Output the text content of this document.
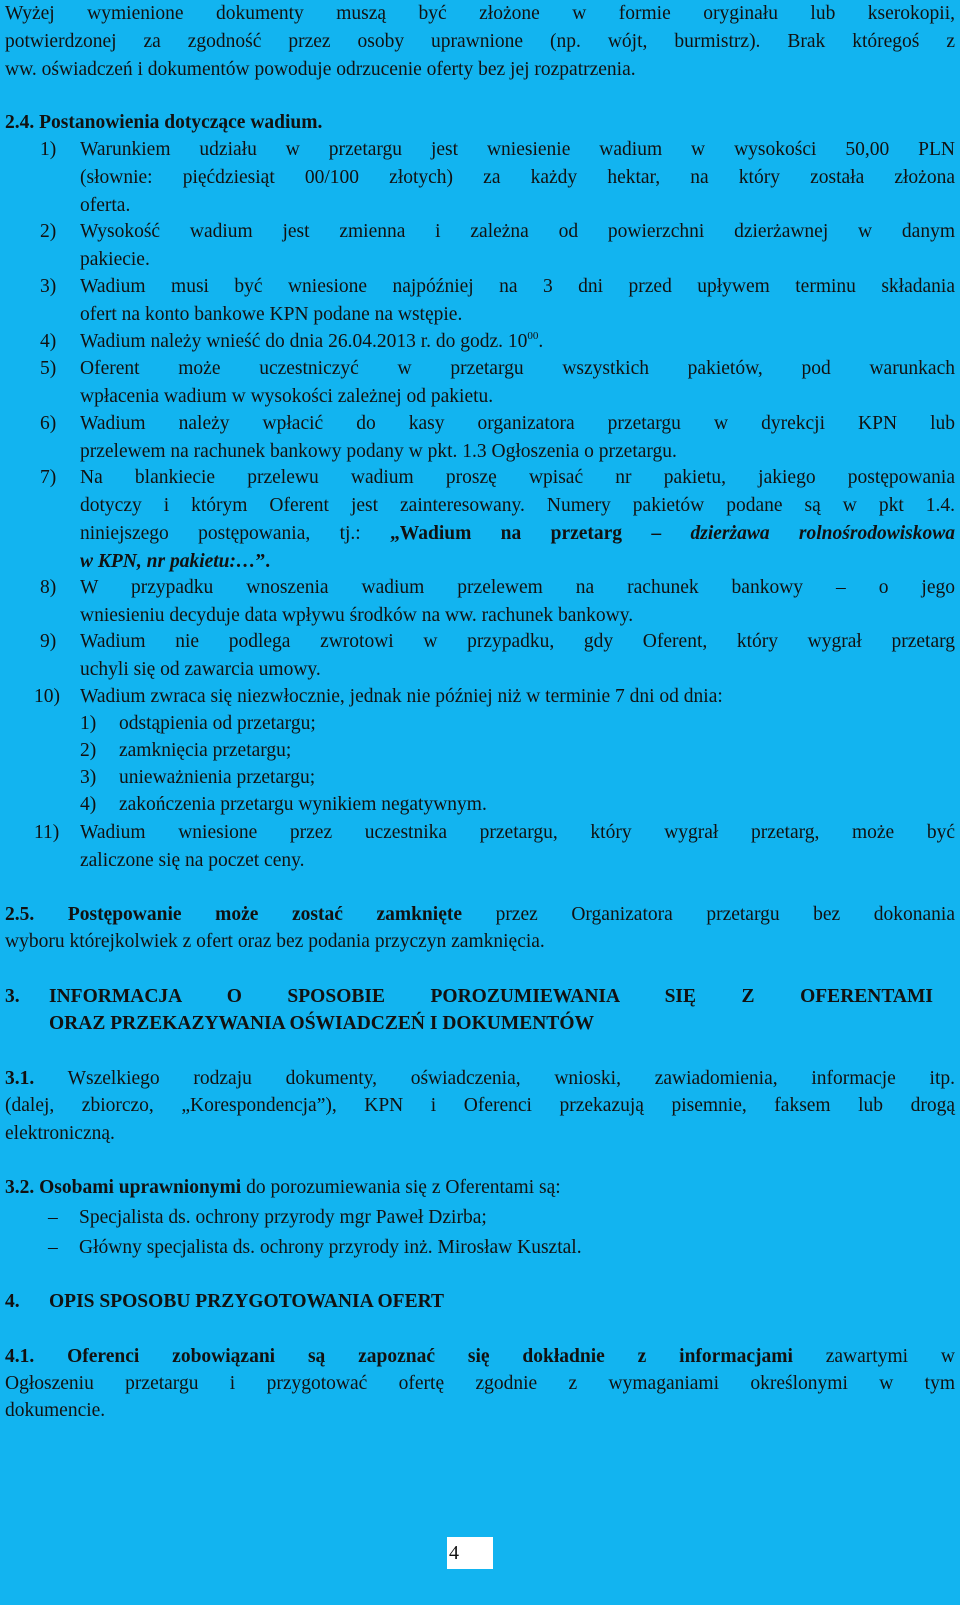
Wyżej wymienione dokumenty muszą być złożone w formie oryginału lub kserokopii,
potwierdzonej za zgodność przez osoby uprawnione (np. wójt, burmistrz). Brak któregoś z
ww. oświadczeń i dokumentów powoduje odrzucenie oferty bez jej rozpatrzenia.
2.4. Postanowienia dotyczące wadium.
1)	Warunkiem udziału w przetargu jest wniesienie wadium w wysokości 50,00 PLN
(słownie: pięćdziesiąt 00/100 złotych) za każdy hektar, na który została złożona
oferta.
2)	Wysokość wadium jest zmienna i zależna od powierzchni dzierżawnej w danym
pakiecie.
3)	Wadium musi być wniesione najpóźniej na 3 dni przed upływem terminu składania
ofert na konto bankowe KPN podane na wstępie.
4)	Wadium należy wnieść do dnia 26.04.2013 r. do godz. $10^{00}$.
5)	Oferent może uczestniczyć w przetargu wszystkich pakietów, pod warunkach
wpłacenia wadium w wysokości zależnej od pakietu.
6)	Wadium należy wpłacić do kasy organizatora przetargu w dyrekcji KPN lub
przelewem na rachunek bankowy podany w pkt. 1.3 Ogłoszenia o przetargu.
7)	Na blankiecie przelewu wadium proszę wpisać nr pakietu, jakiego postępowania
dotyczy i którym Oferent jest zainteresowany. Numery pakietów podane są w pkt 1.4.
niniejszego postępowania, tj.: „Wadium na przetarg – dzierżawa rolnośrodowiskowa
w KPN, nr pakietu:…”.
8)	W przypadku wnoszenia wadium przelewem na rachunek bankowy – o jego
wniesieniu decyduje data wpływu środków na ww. rachunek bankowy.
9)	Wadium nie podlega zwrotowi w przypadku, gdy Oferent, który wygrał przetarg
uchyli się od zawarcia umowy.
10)	Wadium zwraca się niezwłocznie, jednak nie później niż w terminie 7 dni od dnia:
1) odstąpienia od przetargu;
2) zamknięcia przetargu;
3) unieważnienia przetargu;
4) zakończenia przetargu wynikiem negatywnym.
11)	Wadium wniesione przez uczestnika przetargu, który wygrał przetarg, może być
zaliczone się na poczet ceny.
2.5. Postępowanie może zostać zamknięte przez Organizatora przetargu bez dokonania
wyboru którejkolwiek z ofert oraz bez podania przyczyn zamknięcia.
3.	INFORMACJA O SPOSOBIE POROZUMIEWANIA SIĘ Z OFERENTAMI
ORAZ PRZEKAZYWANIA OŚWIADCZEŃ I DOKUMENTÓW
3.1. Wszelkiego rodzaju dokumenty, oświadczenia, wnioski, zawiadomienia, informacje itp.
(dalej, zbiorczo, „Korespondencja”), KPN i Oferenci przekazują pisemnie, faksem lub drogą
elektroniczną.
3.2. Osobami uprawnionymi do porozumiewania się z Oferentami są:
– Specjalista ds. ochrony przyrody mgr Paweł Dzirba;
– Główny specjalista ds. ochrony przyrody inż. Mirosław Kusztal.
4.	OPIS SPOSOBU PRZYGOTOWANIA OFERT
4.1. Oferenci zobowiązani są zapoznać się dokładnie z informacjami zawartymi w
Ogłoszeniu przetargu i przygotować ofertę zgodnie z wymaganiami określonymi w tym
dokumencie.
4
